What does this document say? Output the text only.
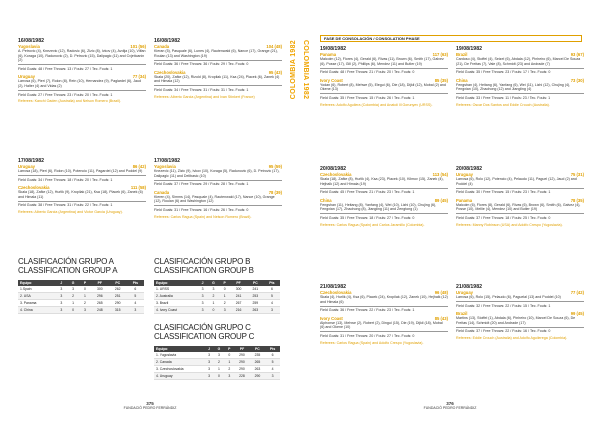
COLOMBIA 1982
16/08/1982
Yugoslavia	101 (56)
A. Petrovic (4), Knezevic (12), Radovic (6), Zizic (8), Ivkov (4), Avdija (10), Vilfan (6), Koraga (10), Radunovic (2), D. Petrovic (15), Dalipagic (11) and Cvjeticanin (2)
Field Goals: 48 / Free Throws: 13 / Fouls: 27 / Tec. Fouls: 1
Uruguay	77 (34)
Larrosa (6), Pieri (7), Rolon (8), Rein (10), Hernandez (9), Paglardel (6), Jaud (2), Halter (4) and Vidas (2)
Field Goals: 27 / Free Throws: 23 / Fouls: 20 / Tec. Fouls: 1
Referees: Kanchi Oaden (Australia) and Nelson Romero (Brazil).
16/08/1982
Canada	104 (48)
Kieran (5), Pasquale (6), Lunes (4), Rautenwald (6), Nance (17), Grange (21), Roulan (13) and Washington (19)
Field Goals: 36 / Free Throws: 36 / Fouls: 29 / Tec. Fouls: 0
Czechoslovakia	95 (43)
Skala (20), Zafke (12), Rizold (8), Kropilak (11), Ksa (24), Placek (6), Zanek (4) and Himala (12)
Field Goals: 34 / Free Throws: 31 / Fouls: 31 / Tec. Fouls: 1
Referees: Alberto Garcia (Argentina) and Ivan Stinkert (France)
17/08/1982
Uruguay	86 (42)
Larrosa (18), Pieri (6), Rolon (10), Potencio (11), Pagardel (12) and Poddel (9)
Field Goals: 34 / Free Throws: 18 / Fouls: 20 / Tec. Fouls: 1
Czechoslovakia	111 (58)
Skala (18), Zafke (12), Hurlik (9), Kropilak (21), Ksa (18), Placek (6), Zanek (6) and Himala (11)
Field Goals: 38 / Free Throws: 31 / Fouls: 22 / Tec. Fouls: 1
Referees: Alberto Garcia (Argentina) and Victor Garcia (Uruguay).
17/08/1982
Yugoslavia	95 (59)
Knezevic (11), Zizic (9), Ivkov (10), Koraga (5), Radunovic (6), D. Petrovic (17), Dalipagic (11) and Delibasic (10)
Field Goals: 37 / Free Throws: 29 / Fouls: 28 / Tec. Fouls: 1
Canada	78 (39)
Kieren (4), Simms (14), Pasquale (4), Rautenwald (17), Nance (10), Grange (12), Roulan (6) and Washington (12)
Field Goals: 31 / Free Throws: 16 / Fouls: 26 / Tec. Fouls: 0
Referees: Carlos Ragua (Spain) and Nelson Romero (Brazil).
CLASIFICACIÓN GRUPO A
CLASSIFICATION GROUP A
Equipo	J	G	P	PF	PC	Pts
1.Spain	3	3	0	300	262	6
2. USA	3	2	1	296	251	5
3. Panama	3	1	2	265	290	4
4. China	3	0	3	248	315	3
CLASIFICACIÓN GRUPO B
CLASSIFICATION GROUP B
Equipo	J	G	P	PF	PC	Pts
1. URSS	3	3	0	300	241	6
2. Australia	3	2	1	241	253	5
3. Brazil	3	1	2	267	259	4
4. Ivory Coast	3	0	3	216	263	3
CLASIFICACIÓN GRUPO C
CLASSIFICATION GROUP C
Equipo	J	G	P	PF	PC	Pts
1. Yugoslavia	3	3	0	290	235	6
2. Canada	3	2	1	290	265	5
3. Czechoslovakia	3	1	2	290	263	4
4. Uruguay	3	0	3	228	290	3
375
FUNDACIÓ PEDRO FERRÁNDIZ
COLOMBIA 1982
FASE DE CONSOLACIÓN / CONSOLATION PHASE
19/08/1982
Panama	117 (63)
Malcolm (12), Flores (4), Gerald (6), Rivas (11), Brown (6), Smith (17), Galvez (6), Posse (17), Gill (2), Phillips (6), Mendez (11) and Butler (19)
Field Goals: 48 / Free Throws: 21 / Fouls: 20 / Tec. Fouls: 0
Ivory Coast	85 (35)
Yodan (6), Robert (8), Mehwe (5), Elegui (6), Die (18), Dijkil (12), Mobal (2) and Okene (13)
Field Goals: 35 / Free Throws: 15 / Fouls: 26 / Tec. Fouls: 1
Referees: Adolfo Aguilera (Colombia) and Anatoli Ill Gorunyev (URSS).
19/08/1982
Brazil	93 (67)
Cardoso (4), Stoffel (4), Seizel (6), Abdala (12), Pinheiro (6), Marcel De Souza (21), De Freitas (7), Vale (8), Schmidt (23) and Andrade (7)
Field Goals: 35 / Free Throws: 23 / Fouls: 17 / Tec. Fouls: 0
China	73 (30)
Fengshan (4), Heitang (6), Yanfang (6), Wei (11), Lizhi (12), Chujing (4), Fengxian (10), Zhaohong (12) and Jiangling (4)
Field Goals: 33 / Free Throws: 11 / Fouls: 23 / Tec. Fouls: 1
Referees: Oscar Dos Santos and Eddie Crouch (Australia).
20/08/1982
Czechoslovakia	113 (54)
Skala (18), Zafke (8), Hurlik (4), Ksa (23), Placek (10), Kilmov (15), Zanek (4), Hejhalk (12) and Himala (19)
Field Goals: 45 / Free Throws: 21 / Fouls: 23 / Tec. Fouls: 1
China	89 (45)
Fengshan (11), Heitang (8), Yanfang (4), Wei (10), Lizhi (10), Chujing (6), Fengxian (17), Zhaohong (8), Jiangling (11) and Zengtong (1)
Field Goals: 35 / Free Throws: 18 / Fouls: 27 / Tec. Fouls: 0
Referees: Carlos Ragua (Spain) and Carlos Jaramillo (Colombia).
20/08/1982
Uruguay	75 (31)
Larrosa (6), Rolo (12), Potencio (4), Pelaudo (11), Paguel (12), Jaud (2) and Poddel (4)
Field Goals: 30 / Free Throws: 15 / Fouls: 23 / Tec. Fouls: 1
Panama	78 (35)
Malcolm (6), Flores (8), Gerald (6), Rivas (6), Brown (6), Smith (6), Galvez (4), Posse (10), Mellie (4), Mendez (10) and Butler (19)
Field Goals: 37 / Free Throws: 18 / Fouls: 25 / Tec. Fouls: 0
Referees: Manny Robinson (USA) and Adolfo Crespo (Yugoslavia).
21/08/1982
Czechoslovakia	96 (48)
Skala (4), Hurlik (4), Ksa (6), Placek (24), Kropilak (12), Zanek (10), Hejhalk (12) and Himala (6)
Field Goals: 36 / Free Throws: 22 / Fouls: 23 / Tec. Fouls: 1
Ivory Coast	85 (43)
Alphonse (13), Mehwe (2), Robert (2), Dingui (15), Die (19), Dijkil (18), Mobal (6) and Okene (10)
Field Goals: 31 / Free Throws: 20 / Fouls: 27 / Tec. Fouls: 0
Referees: Carlos Ragua (Spain) and Adolfo Crespo (Yugoslavia).
21/08/1982
Uruguay	77 (42)
Larrosa (6), Rolo (15), Pelaudo (6), Paguelal (13) and Poddel (10)
Field Goals: 32 / Free Throws: 22 / Fouls: 15 / Tec. Fouls: 1
Brazil	99 (45)
Martins (13), Stoffel (1), Abdala (6), Pinheiro (10), Marcel De Souza (6), De Freitas (14), Schmidt (20) and Andrade (17)
Field Goals: 37 / Free Throws: 22 / Fouls: 16 / Tec. Fouls: 0
Referees: Eddie Crouch (Australia) and Adolfo Aguilerega (Colombia).
376
FUNDACIÓ PEDRO FERRÁNDIZ
